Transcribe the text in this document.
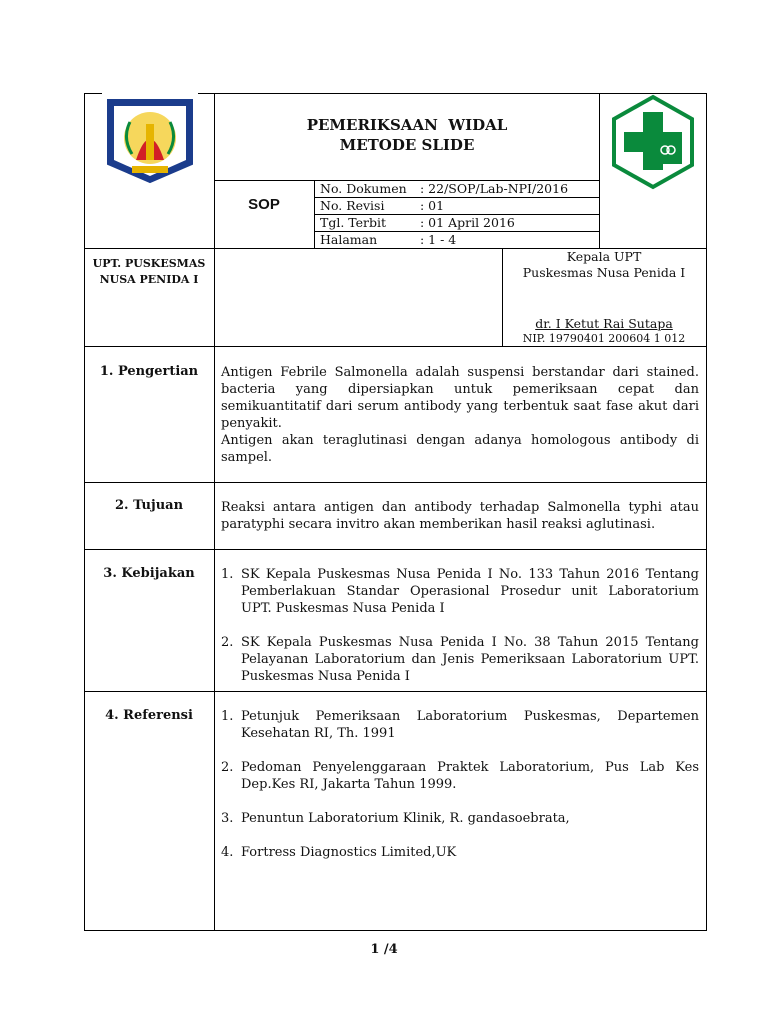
PEMERIKSAAN  WIDAL
METODE SLIDE
SOP
No. Dokumen : 22/SOP/Lab-NPI/2016
No. Revisi	: 01
Tgl. Terbit	: 01 April 2016
Halaman	: 1 - 4
UPT. PUSKESMAS
NUSA PENIDA I
Kepala UPT
Puskesmas Nusa Penida I
dr. I Ketut Rai Sutapa
NIP. 19790401 200604 1 012
1. Pengertian	Antigen Febrile Salmonella adalah suspensi berstandar dari stained. bacteria yang dipersiapkan untuk pemeriksaan cepat dan semikuantitatif dari serum antibody yang terbentuk saat fase akut dari penyakit.
Antigen akan teraglutinasi dengan adanya homologous antibody di sampel.
2. Tujuan	Reaksi antara antigen dan antibody terhadap Salmonella typhi atau paratyphi secara invitro akan memberikan hasil reaksi aglutinasi.
3. Kebijakan	1. SK Kepala Puskesmas Nusa Penida I No. 133 Tahun 2016 Tentang Pemberlakuan Standar Operasional Prosedur unit Laboratorium UPT. Puskesmas Nusa Penida I
2. SK Kepala Puskesmas Nusa Penida I No. 38 Tahun 2015 Tentang Pelayanan Laboratorium dan Jenis Pemeriksaan Laboratorium UPT. Puskesmas Nusa Penida I
4. Referensi	1. Petunjuk Pemeriksaan Laboratorium Puskesmas, Departemen Kesehatan RI, Th. 1991
2. Pedoman Penyelenggaraan Praktek Laboratorium, Pus Lab Kes Dep.Kes RI, Jakarta Tahun 1999.
3. Penuntun Laboratorium Klinik, R. gandasoebrata,
4. Fortress Diagnostics Limited,UK
1 /4
